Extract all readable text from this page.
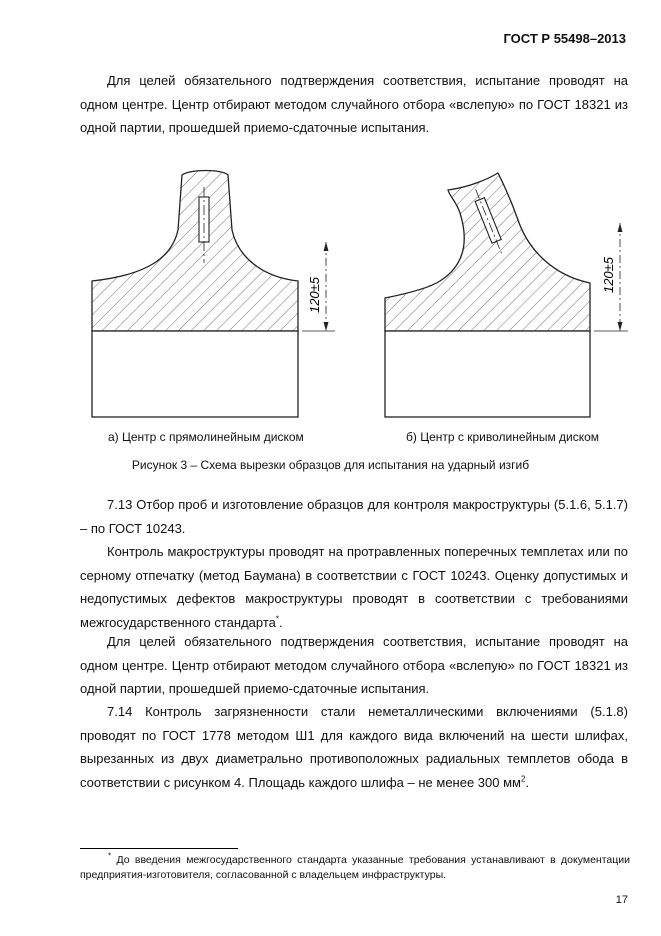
ГОСТ Р 55498–2013

Для целей обязательного подтверждения соответствия, испытание проводят на одном центре. Центр отбирают методом случайного отбора «вслепую» по ГОСТ 18321 из одной партии, прошедшей приемо-сдаточные испытания.

120±5
120±5
а) Центр с прямолинейным диском	б) Центр с криволинейным диском
Рисунок 3 – Схема вырезки образцов для испытания на ударный изгиб

7.13 Отбор проб и изготовление образцов для контроля макроструктуры (5.1.6, 5.1.7) – по ГОСТ 10243.

Контроль макроструктуры проводят на протравленных поперечных темплетах или по серному отпечатку (метод Баумана) в соответствии с ГОСТ 10243. Оценку допустимых и недопустимых дефектов макроструктуры проводят в соответствии с требованиями межгосударственного стандарта*.

Для целей обязательного подтверждения соответствия, испытание проводят на одном центре. Центр отбирают методом случайного отбора «вслепую» по ГОСТ 18321 из одной партии, прошедшей приемо-сдаточные испытания.

7.14 Контроль загрязненности стали неметаллическими включениями (5.1.8) проводят по ГОСТ 1778 методом Ш1 для каждого вида включений на шести шлифах, вырезанных из двух диаметрально противоположных радиальных темплетов обода в соответствии с рисунком 4. Площадь каждого шлифа – не менее 300 $мм^2$.

* До введения межгосударственного стандарта указанные требования устанавливают в документации предприятия-изготовителя, согласованной с владельцем инфраструктуры.

17
